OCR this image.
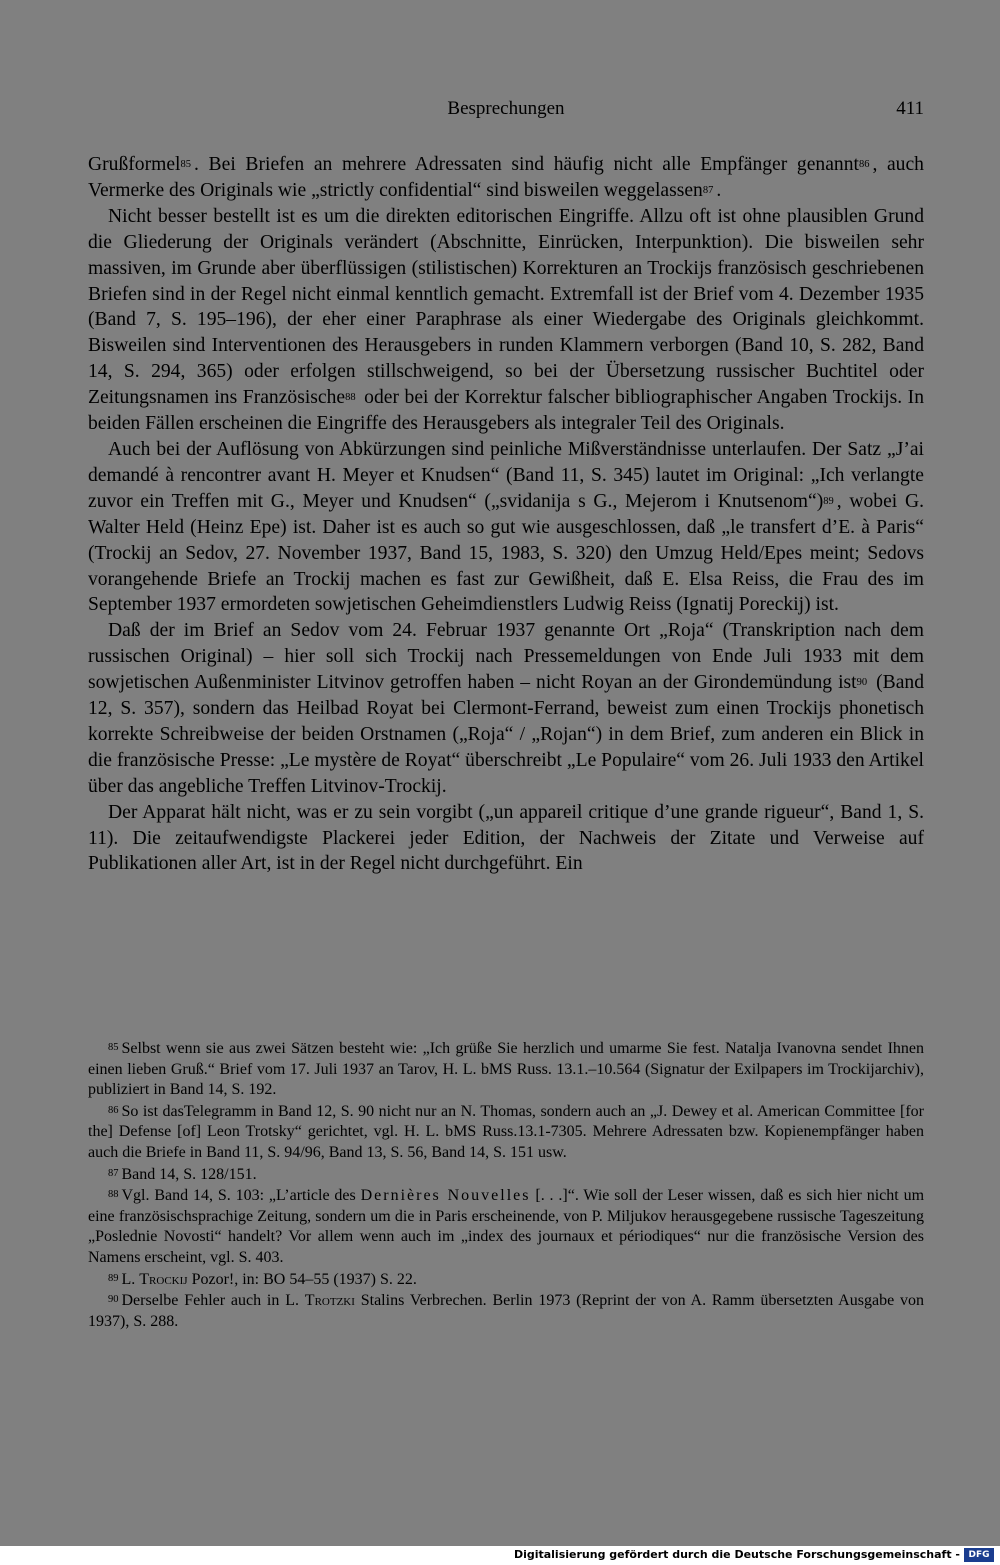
Besprechungen	411

Grußformel$^{85}$ . Bei Briefen an mehrere Adressaten sind häufig nicht alle Empfänger genannt$^{86}$ , auch Vermerke des Originals wie „strictly confidential“ sind bisweilen weggelassen$^{87}$ .

Nicht besser bestellt ist es um die direkten editorischen Eingriffe. Allzu oft ist ohne plausiblen Grund die Gliederung der Originals verändert (Abschnitte, Einrücken, Interpunktion). Die bisweilen sehr massiven, im Grunde aber überflüssigen (stilistischen) Korrekturen an Trockijs französisch geschriebenen Briefen sind in der Regel nicht einmal kenntlich gemacht. Extremfall ist der Brief vom 4. Dezember 1935 (Band 7, S. 195–196), der eher einer Paraphrase als einer Wiedergabe des Originals gleichkommt. Bisweilen sind Interventionen des Herausgebers in runden Klammern verborgen (Band 10, S. 282, Band 14, S. 294, 365) oder erfolgen stillschweigend, so bei der Übersetzung russischer Buchtitel oder Zeitungsnamen ins Französische$^{88}$ oder bei der Korrektur falscher bibliographischer Angaben Trockijs. In beiden Fällen erscheinen die Eingriffe des Herausgebers als integraler Teil des Originals.

Auch bei der Auflösung von Abkürzungen sind peinliche Mißverständnisse unterlaufen. Der Satz „J’ai demandé à rencontrer avant H. Meyer et Knudsen“ (Band 11, S. 345) lautet im Original: „Ich verlangte zuvor ein Treffen mit G., Meyer und Knudsen“ („svidanija s G., Mejerom i Knutsenom“)$^{89}$ , wobei G. Walter Held (Heinz Epe) ist. Daher ist es auch so gut wie ausgeschlossen, daß „le transfert d’E. à Paris“ (Trockij an Sedov, 27. November 1937, Band 15, 1983, S. 320) den Umzug Held/Epes meint; Sedovs vorangehende Briefe an Trockij machen es fast zur Gewißheit, daß E. Elsa Reiss, die Frau des im September 1937 ermordeten sowjetischen Geheimdienstlers Ludwig Reiss (Ignatij Poreckij) ist.

Daß der im Brief an Sedov vom 24. Februar 1937 genannte Ort „Roja“ (Transkription nach dem russischen Original) – hier soll sich Trockij nach Pressemeldungen von Ende Juli 1933 mit dem sowjetischen Außenminister Litvinov getroffen haben – nicht Royan an der Girondemündung ist$^{90}$ (Band 12, S. 357), sondern das Heilbad Royat bei Clermont-Ferrand, beweist zum einen Trockijs phonetisch korrekte Schreibweise der beiden Orstnamen („Roja“ / „Rojan“) in dem Brief, zum anderen ein Blick in die französische Presse: „Le mystère de Royat“ überschreibt „Le Populaire“ vom 26. Juli 1933 den Artikel über das angebliche Treffen Litvinov-Trockij.

Der Apparat hält nicht, was er zu sein vorgibt („un appareil critique d’une grande rigueur“, Band 1, S. 11). Die zeitaufwendigste Plackerei jeder Edition, der Nachweis der Zitate und Verweise auf Publikationen aller Art, ist in der Regel nicht durchgeführt. Ein

85 Selbst wenn sie aus zwei Sätzen besteht wie: „Ich grüße Sie herzlich und umarme Sie fest. Natalja Ivanovna sendet Ihnen einen lieben Gruß.“ Brief vom 17. Juli 1937 an Tarov, H. L. bMS Russ. 13.1.–10.564 (Signatur der Exilpapers im Trockijarchiv), publiziert in Band 14, S. 192.

86 So ist dasTelegramm in Band 12, S. 90 nicht nur an N. Thomas, sondern auch an „J. Dewey et al. American Committee [for the] Defense [of] Leon Trotsky“ gerichtet, vgl. H. L. bMS Russ.13.1-7305. Mehrere Adressaten bzw. Kopienempfänger haben auch die Briefe in Band 11, S. 94/96, Band 13, S. 56, Band 14, S. 151 usw.

87 Band 14, S. 128/151.

88 Vgl. Band 14, S. 103: „L’article des Dernières Nouvelles [. . .]“. Wie soll der Leser wissen, daß es sich hier nicht um eine französischsprachige Zeitung, sondern um die in Paris erscheinende, von P. Miljukov herausgegebene russische Tageszeitung „Poslednie Novosti“ handelt? Vor allem wenn auch im „index des journaux et périodiques“ nur die französische Version des Namens erscheint, vgl. S. 403.

89 L. Trockij Pozor!, in: BO 54–55 (1937) S. 22.

90 Derselbe Fehler auch in L. Trotzki Stalins Verbrechen. Berlin 1973 (Reprint der von A. Ramm übersetzten Ausgabe von 1937), S. 288.

Digitalisierung gefördert durch die Deutsche Forschungsgemeinschaft - DFG
